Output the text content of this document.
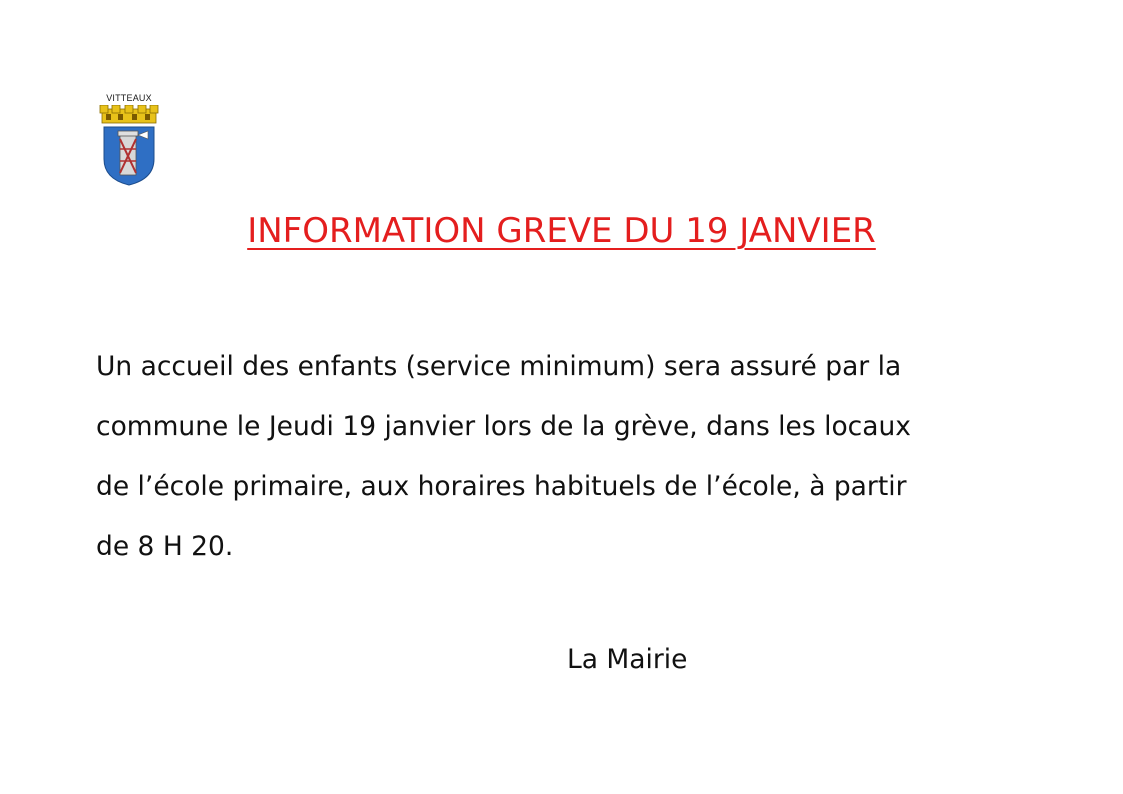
VITTEAUX
INFORMATION GREVE DU 19 JANVIER
Un accueil des enfants (service minimum) sera assuré par la
commune le Jeudi 19 janvier lors de la grève, dans les locaux
de l’école primaire, aux horaires habituels de l’école, à partir
de 8 H 20.
La Mairie
